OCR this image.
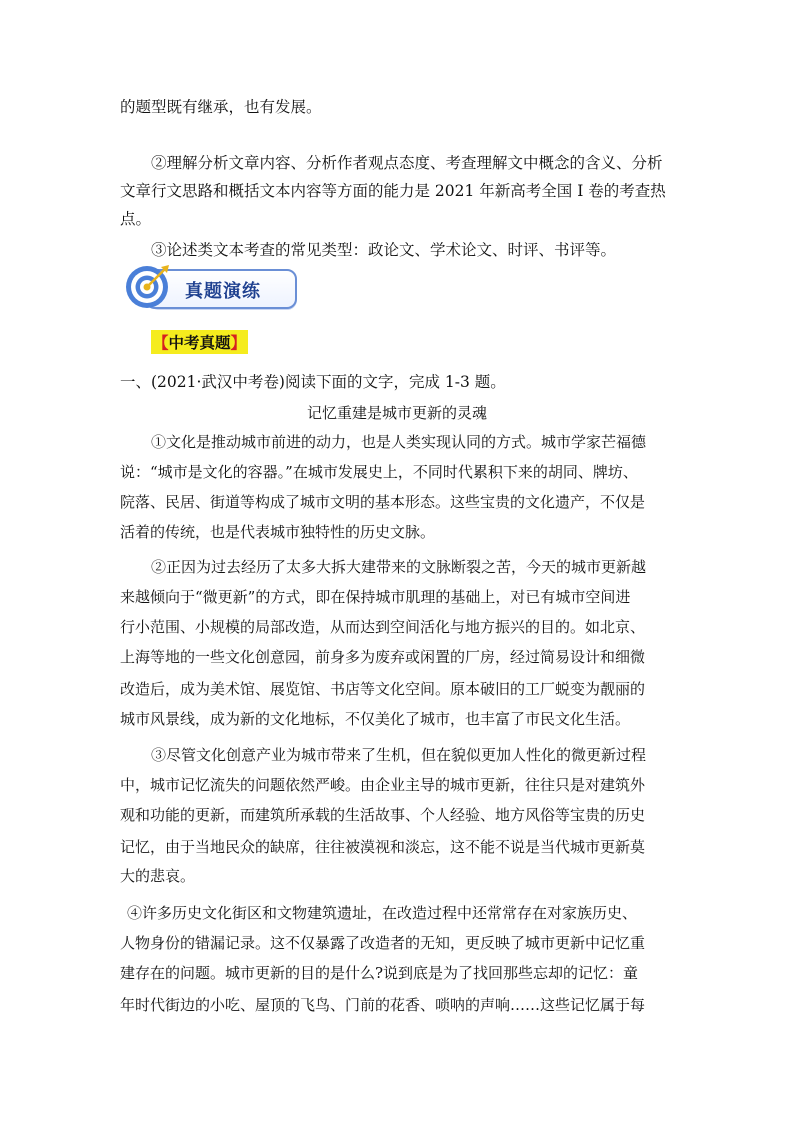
的题型既有继承，也有发展。
②理解分析文章内容、分析作者观点态度、考查理解文中概念的含义、分析
文章行文思路和概括文本内容等方面的能力是 2021 年新高考全国 I 卷的考查热
点。
③论述类文本考查的常见类型：政论文、学术论文、时评、书评等。
真题演练
【中考真题】
一、(2021·武汉中考卷)阅读下面的文字，完成 1-3 题。
记忆重建是城市更新的灵魂
①文化是推动城市前进的动力，也是人类实现认同的方式。城市学家芒福德
说：“城市是文化的容器。”在城市发展史上，不同时代累积下来的胡同、牌坊、
院落、民居、街道等构成了城市文明的基本形态。这些宝贵的文化遗产，不仅是
活着的传统，也是代表城市独特性的历史文脉。
②正因为过去经历了太多大拆大建带来的文脉断裂之苦，今天的城市更新越
来越倾向于“微更新”的方式，即在保持城市肌理的基础上，对已有城市空间进
行小范围、小规模的局部改造，从而达到空间活化与地方振兴的目的。如北京、
上海等地的一些文化创意园，前身多为废弃或闲置的厂房，经过简易设计和细微
改造后，成为美术馆、展览馆、书店等文化空间。原本破旧的工厂蜕变为靓丽的
城市风景线，成为新的文化地标，不仅美化了城市，也丰富了市民文化生活。
③尽管文化创意产业为城市带来了生机，但在貌似更加人性化的微更新过程
中，城市记忆流失的问题依然严峻。由企业主导的城市更新，往往只是对建筑外
观和功能的更新，而建筑所承载的生活故事、个人经验、地方风俗等宝贵的历史
记忆，由于当地民众的缺席，往往被漠视和淡忘，这不能不说是当代城市更新莫
大的悲哀。
④许多历史文化街区和文物建筑遗址，在改造过程中还常常存在对家族历史、
人物身份的错漏记录。这不仅暴露了改造者的无知，更反映了城市更新中记忆重
建存在的问题。城市更新的目的是什么?说到底是为了找回那些忘却的记忆：童
年时代街边的小吃、屋顶的飞鸟、门前的花香、唢呐的声响……这些记忆属于每
